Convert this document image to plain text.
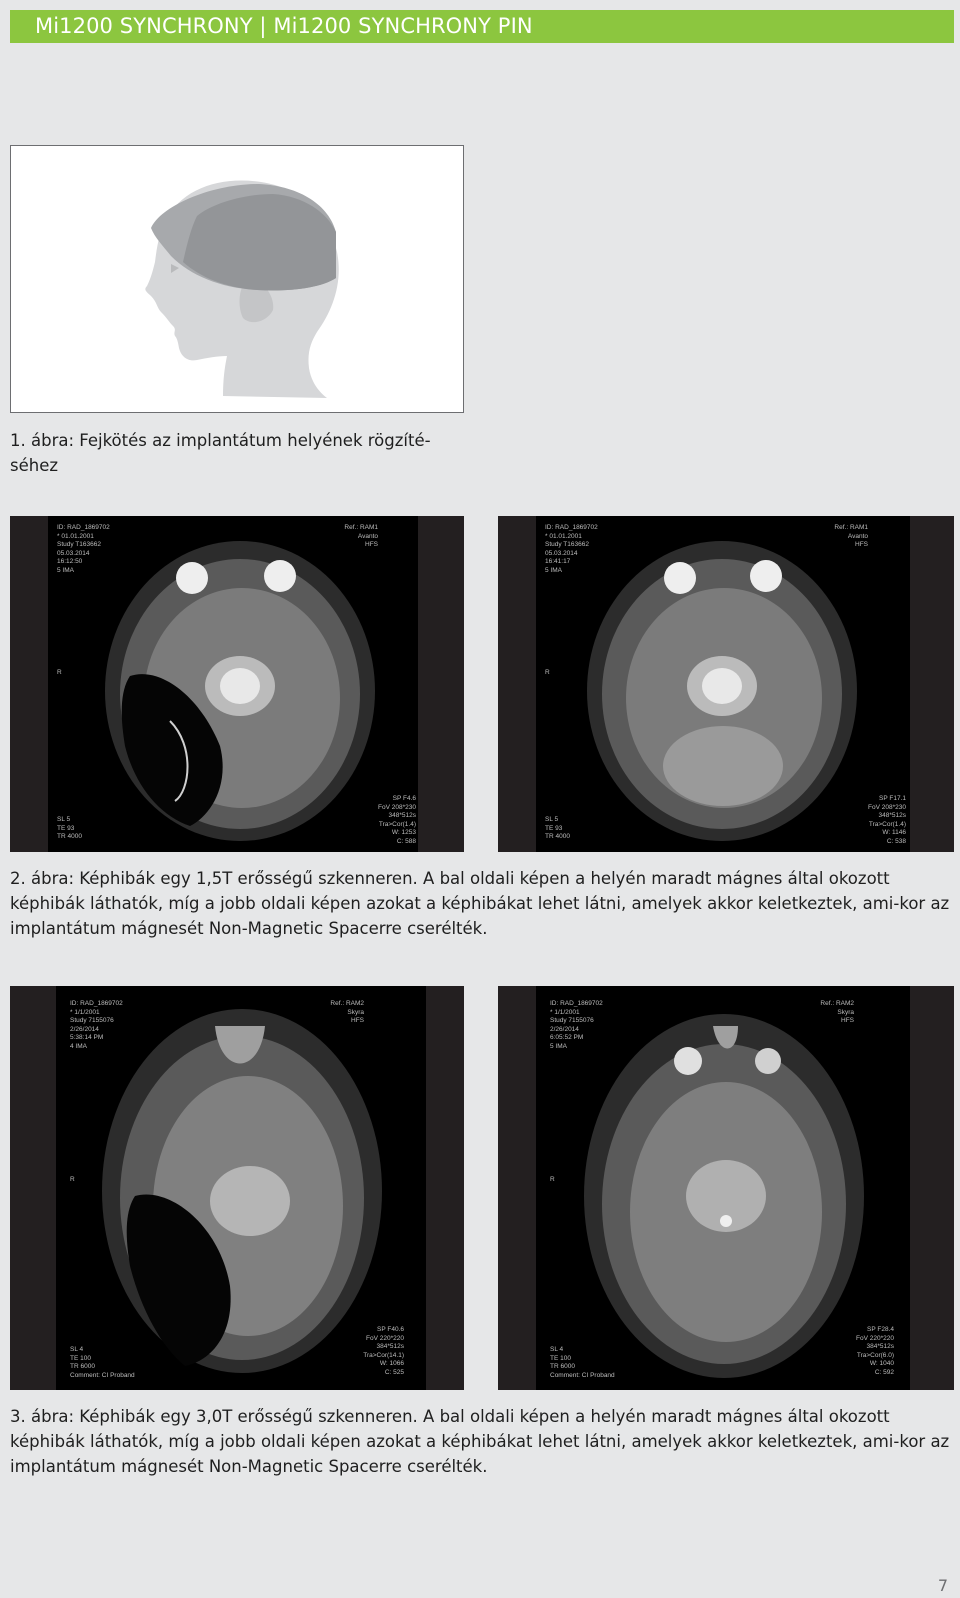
Mi1200 SYNCHRONY | Mi1200 SYNCHRONY PIN
1. ábra: Fejkötés az implantátum helyének rögzíté-
séhez
ID: RAD_1869702
* 01.01.2001
Study T163662
05.03.2014
16:12:50
5 IMA
Ref.: RAM1
Avanto
HFS
R
SL 5
TE 93
TR 4000
SP F4.6
FoV 208*230
348*512s
Tra>Cor(1.4)
W: 1253
C: 588
ID: RAD_1869702
* 01.01.2001
Study T163662
05.03.2014
16:41:17
5 IMA
Ref.: RAM1
Avanto
HFS
R
SL 5
TE 93
TR 4000
SP F17.1
FoV 208*230
348*512s
Tra>Cor(1.4)
W: 1146
C: 538
2. ábra: Képhibák egy 1,5T erősségű szkenneren. A bal oldali képen a helyén maradt mágnes által okozott képhibák láthatók, míg a jobb oldali képen azokat a képhibákat lehet látni, amelyek akkor keletkeztek, ami-kor az implantátum mágnesét Non-Magnetic Spacerre cserélték.
ID: RAD_1869702
* 1/1/2001
Study 7155076
2/26/2014
5:38:14 PM
4 IMA
Ref.: RAM2
Skyra
HFS
R
SL 4
TE 100
TR 6000
Comment: CI Proband
SP F40.6
FoV 220*220
384*512s
Tra>Cor(14.1)
W: 1066
C: 525
ID: RAD_1869702
* 1/1/2001
Study 7155076
2/26/2014
6:05:52 PM
5 IMA
Ref.: RAM2
Skyra
HFS
R
SL 4
TE 100
TR 6000
Comment: CI Proband
SP F28.4
FoV 220*220
384*512s
Tra>Cor(6.0)
W: 1040
C: 592
3. ábra: Képhibák egy 3,0T erősségű szkenneren. A bal oldali képen a helyén maradt mágnes által okozott képhibák láthatók, míg a jobb oldali képen azokat a képhibákat lehet látni, amelyek akkor keletkeztek, ami-kor az implantátum mágnesét Non-Magnetic Spacerre cserélték.
7
